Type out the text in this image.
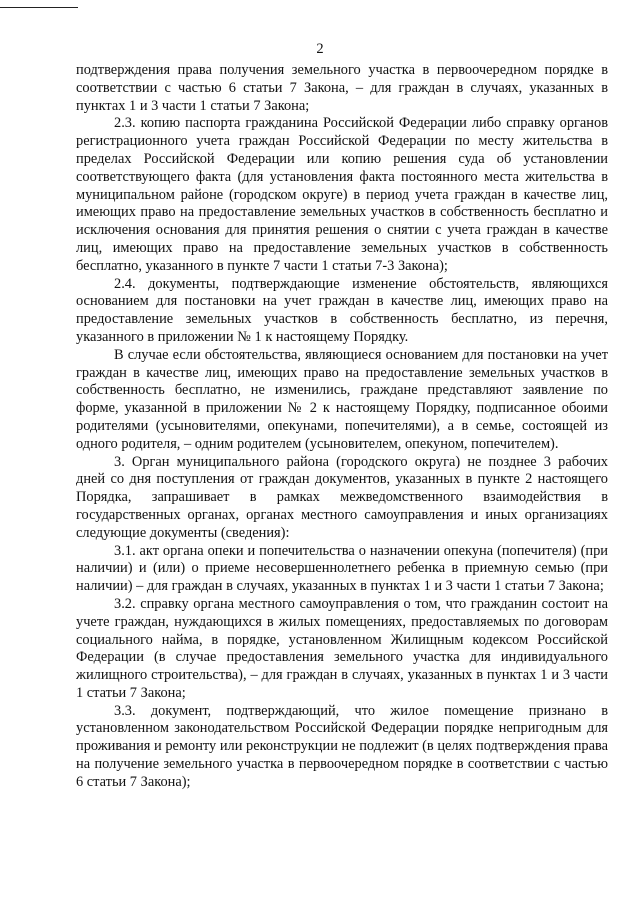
2

подтверждения права получения земельного участка в первоочередном порядке в соответствии с частью 6 статьи 7 Закона, – для граждан в случаях, указанных в пунктах 1 и 3 части 1 статьи 7 Закона;

2.3. копию паспорта гражданина Российской Федерации либо справку органов регистрационного учета граждан Российской Федерации по месту жительства в пределах Российской Федерации или копию решения суда об установлении соответствующего факта (для установления факта постоянного места жительства в муниципальном районе (городском округе) в период учета граждан в качестве лиц, имеющих право на предоставление земельных участков в собственность бесплатно и исключения основания для принятия решения о снятии с учета граждан в качестве лиц, имеющих право на предоставление земельных участков в собственность бесплатно, указанного в пункте 7 части 1 статьи 7-3 Закона);

2.4. документы, подтверждающие изменение обстоятельств, являющихся основанием для постановки на учет граждан в качестве лиц, имеющих право на предоставление земельных участков в собственность бесплатно, из перечня, указанного в приложении № 1 к настоящему Порядку.

В случае если обстоятельства, являющиеся основанием для постановки на учет граждан в качестве лиц, имеющих право на предоставление земельных участков в собственность бесплатно, не изменились, граждане представляют заявление по форме, указанной в приложении № 2 к настоящему Порядку, подписанное обоими родителями (усыновителями, опекунами, попечителями), а в семье, состоящей из одного родителя, – одним родителем (усыновителем, опекуном, попечителем).

3. Орган муниципального района (городского округа) не позднее 3 рабочих дней со дня поступления от граждан документов, указанных в пункте 2 настоящего Порядка, запрашивает в рамках межведомственного взаимодействия в государственных органах, органах местного самоуправления и иных организациях следующие документы (сведения):

3.1. акт органа опеки и попечительства о назначении опекуна (попечителя) (при наличии) и (или) о приеме несовершеннолетнего ребенка в приемную семью (при наличии) – для граждан в случаях, указанных в пунктах 1 и 3 части 1 статьи 7 Закона;

3.2. справку органа местного самоуправления о том, что гражданин состоит на учете граждан, нуждающихся в жилых помещениях, предоставляемых по договорам социального найма, в порядке, установленном Жилищным кодексом Российской Федерации (в случае предоставления земельного участка для индивидуального жилищного строительства), – для граждан в случаях, указанных в пунктах 1 и 3 части 1 статьи 7 Закона;

3.3. документ, подтверждающий, что жилое помещение признано в установленном законодательством Российской Федерации порядке непригодным для проживания и ремонту или реконструкции не подлежит (в целях подтверждения права на получение земельного участка в первоочередном порядке в соответствии с частью 6 статьи 7 Закона);
